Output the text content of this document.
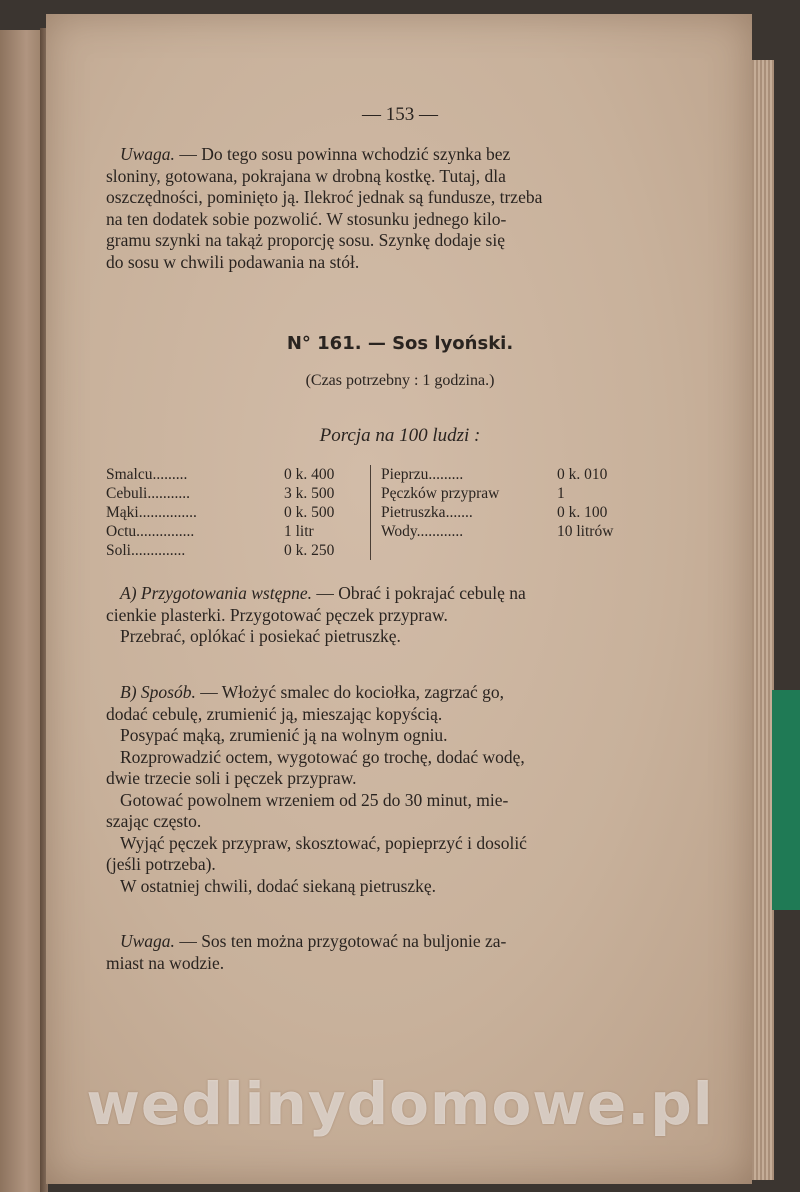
— 153 —
Uwaga. — Do tego sosu powinna wchodzić szynka bez
sloniny, gotowana, pokrajana w drobną kostkę. Tutaj, dla
oszczędności, pominięto ją. Ilekroć jednak są fundusze, trzeba
na ten dodatek sobie pozwolić. W stosunku jednego kilo-
gramu szynki na takąż proporcję sosu. Szynkę dodaje się
do sosu w chwili podawania na stół.
N° 161. — Sos lyoński.
(Czas potrzebny : 1 godzina.)
Porcja na 100 ludzi :
Smalcu.........	0 k. 400	Pieprzu.........	0 k. 010
Cebuli...........	3 k. 500	Pęczków przypraw	1
Mąki...............	0 k. 500	Pietruszka.......	0 k. 100
Octu...............	1 litr	Wody............	10 litrów
Soli..............	0 k. 250		
A) Przygotowania wstępne. — Obrać i pokrajać cebulę na
cienkie plasterki. Przygotować pęczek przypraw.
Przebrać, oplókać i posiekać pietruszkę.
B) Sposób. — Włożyć smalec do kociołka, zagrzać go,
dodać cebulę, zrumienić ją, mieszając kopyścią.
Posypać mąką, zrumienić ją na wolnym ogniu.
Rozprowadzić octem, wygotować go trochę, dodać wodę,
dwie trzecie soli i pęczek przypraw.
Gotować powolnem wrzeniem od 25 do 30 minut, mie-
szając często.
Wyjąć pęczek przypraw, skosztować, popieprzyć i dosolić
(jeśli potrzeba).
W ostatniej chwili, dodać siekaną pietruszkę.
Uwaga. — Sos ten można przygotować na buljonie za-
miast na wodzie.
wedlinydomowe.pl
